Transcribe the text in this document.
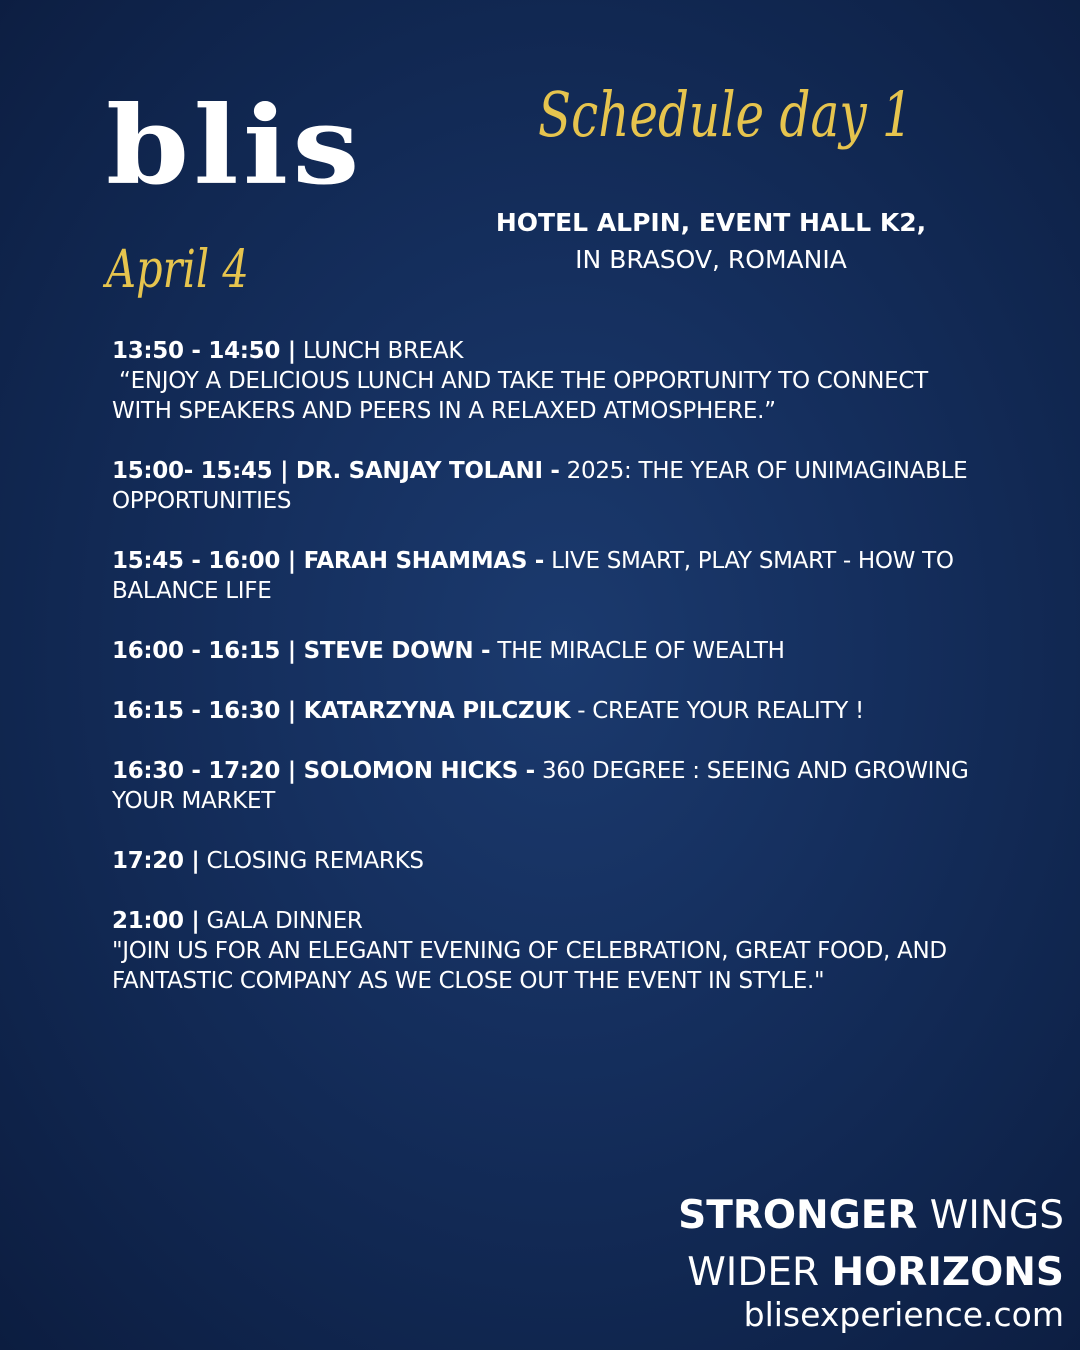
blis	Schedule day 1
HOTEL ALPIN, EVENT HALL K2,
IN BRASOV, ROMANIA
April 4
13:50 - 14:50 | LUNCH BREAK
“ENJOY A DELICIOUS LUNCH AND TAKE THE OPPORTUNITY TO CONNECT WITH SPEAKERS AND PEERS IN A RELAXED ATMOSPHERE.”
15:00- 15:45 | DR. SANJAY TOLANI - 2025: THE YEAR OF UNIMAGINABLE OPPORTUNITIES
15:45 - 16:00 | FARAH SHAMMAS - LIVE SMART, PLAY SMART - HOW TO BALANCE LIFE
16:00 - 16:15 | STEVE DOWN - THE MIRACLE OF WEALTH
16:15 - 16:30 | KATARZYNA PILCZUK - CREATE YOUR REALITY !
16:30 - 17:20 | SOLOMON HICKS - 360 DEGREE : SEEING AND GROWING YOUR MARKET
17:20 | CLOSING REMARKS
21:00 | GALA DINNER
"JOIN US FOR AN ELEGANT EVENING OF CELEBRATION, GREAT FOOD, AND FANTASTIC COMPANY AS WE CLOSE OUT THE EVENT IN STYLE."
STRONGER WINGS
WIDER HORIZONS
blisexperience.com
